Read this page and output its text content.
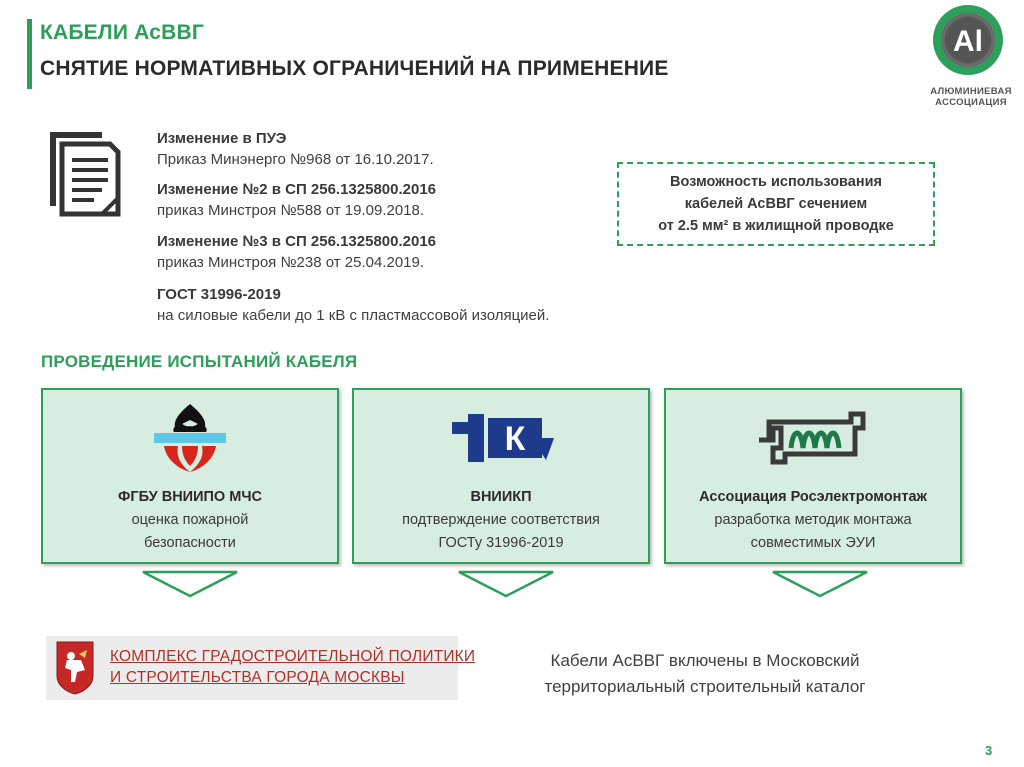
КАБЕЛИ АсВВГ
СНЯТИЕ НОРМАТИВНЫХ ОГРАНИЧЕНИЙ НА ПРИМЕНЕНИЕ
Al
АЛЮМИНИЕВАЯ
АССОЦИАЦИЯ
Изменение в ПУЭ
Приказ Минэнерго №968 от 16.10.2017.
Изменение №2 в СП 256.1325800.2016
приказ Минстроя №588 от 19.09.2018.
Изменение №3 в СП 256.1325800.2016
приказ Минстроя №238 от 25.04.2019.
ГОСТ 31996-2019
на силовые кабели до 1 кВ с пластмассовой изоляцией.
Возможность использования
кабелей АсВВГ сечением
от 2.5 мм² в жилищной проводке
ПРОВЕДЕНИЕ ИСПЫТАНИЙ КАБЕЛЯ
ФГБУ ВНИИПО МЧС
оценка пожарной
безопасности
К
ВНИИКП
подтверждение соответствия
ГОСТу 31996-2019
Ассоциация Росэлектромонтаж
разработка методик монтажа
совместимых ЭУИ
КОМПЛЕКС ГРАДОСТРОИТЕЛЬНОЙ ПОЛИТИКИ
И СТРОИТЕЛЬСТВА ГОРОДА МОСКВЫ
Кабели АсВВГ включены в Московский
территориальный строительный каталог
3
